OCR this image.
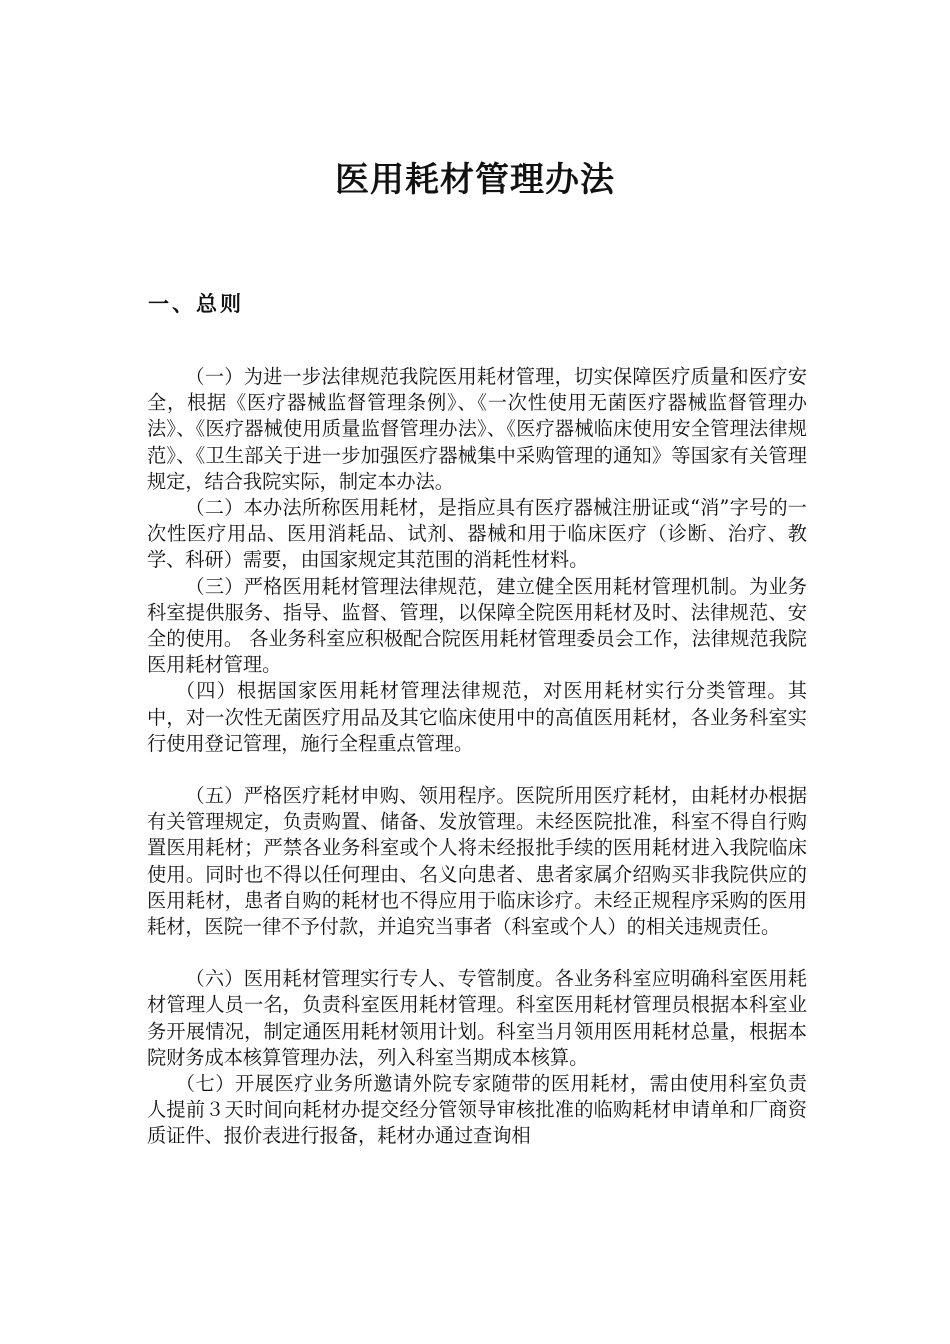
医用耗材管理办法
一、总则

（一）为进一步法律规范我院医用耗材管理，切实保障医疗质量和医疗安全，根据《医疗器械监督管理条例》、《一次性使用无菌医疗器械监督管理办法》、《医疗器械使用质量监督管理办法》、《医疗器械临床使用安全管理法律规范》、《卫生部关于进一步加强医疗器械集中采购管理的通知》等国家有关管理规定，结合我院实际，制定本办法。

（二）本办法所称医用耗材，是指应具有医疗器械注册证或“消”字号的一次性医疗用品、医用消耗品、试剂、器械和用于临床医疗（诊断、治疗、教学、科研）需要，由国家规定其范围的消耗性材料。

（三）严格医用耗材管理法律规范，建立健全医用耗材管理机制。为业务科室提供服务、指导、监督、管理，以保障全院医用耗材及时、法律规范、安全的使用。 各业务科室应积极配合院医用耗材管理委员会工作，法律规范我院医用耗材管理。

（四）根据国家医用耗材管理法律规范，对医用耗材实行分类管理。其中，对一次性无菌医疗用品及其它临床使用中的高值医用耗材，各业务科室实行使用登记管理，施行全程重点管理。

（五）严格医疗耗材申购、领用程序。医院所用医疗耗材，由耗材办根据有关管理规定，负责购置、储备、发放管理。未经医院批准，科室不得自行购置医用耗材；严禁各业务科室或个人将未经报批手续的医用耗材进入我院临床使用。同时也不得以任何理由、名义向患者、患者家属介绍购买非我院供应的医用耗材，患者自购的耗材也不得应用于临床诊疗。未经正规程序采购的医用耗材，医院一律不予付款，并追究当事者（科室或个人）的相关违规责任。

（六）医用耗材管理实行专人、专管制度。各业务科室应明确科室医用耗材管理人员一名，负责科室医用耗材管理。科室医用耗材管理员根据本科室业务开展情况，制定通医用耗材领用计划。科室当月领用医用耗材总量，根据本院财务成本核算管理办法，列入科室当期成本核算。

（七）开展医疗业务所邀请外院专家随带的医用耗材，需由使用科室负责人提前３天时间向耗材办提交经分管领导审核批准的临购耗材申请单和厂商资质证件、报价表进行报备，耗材办通过查询相
